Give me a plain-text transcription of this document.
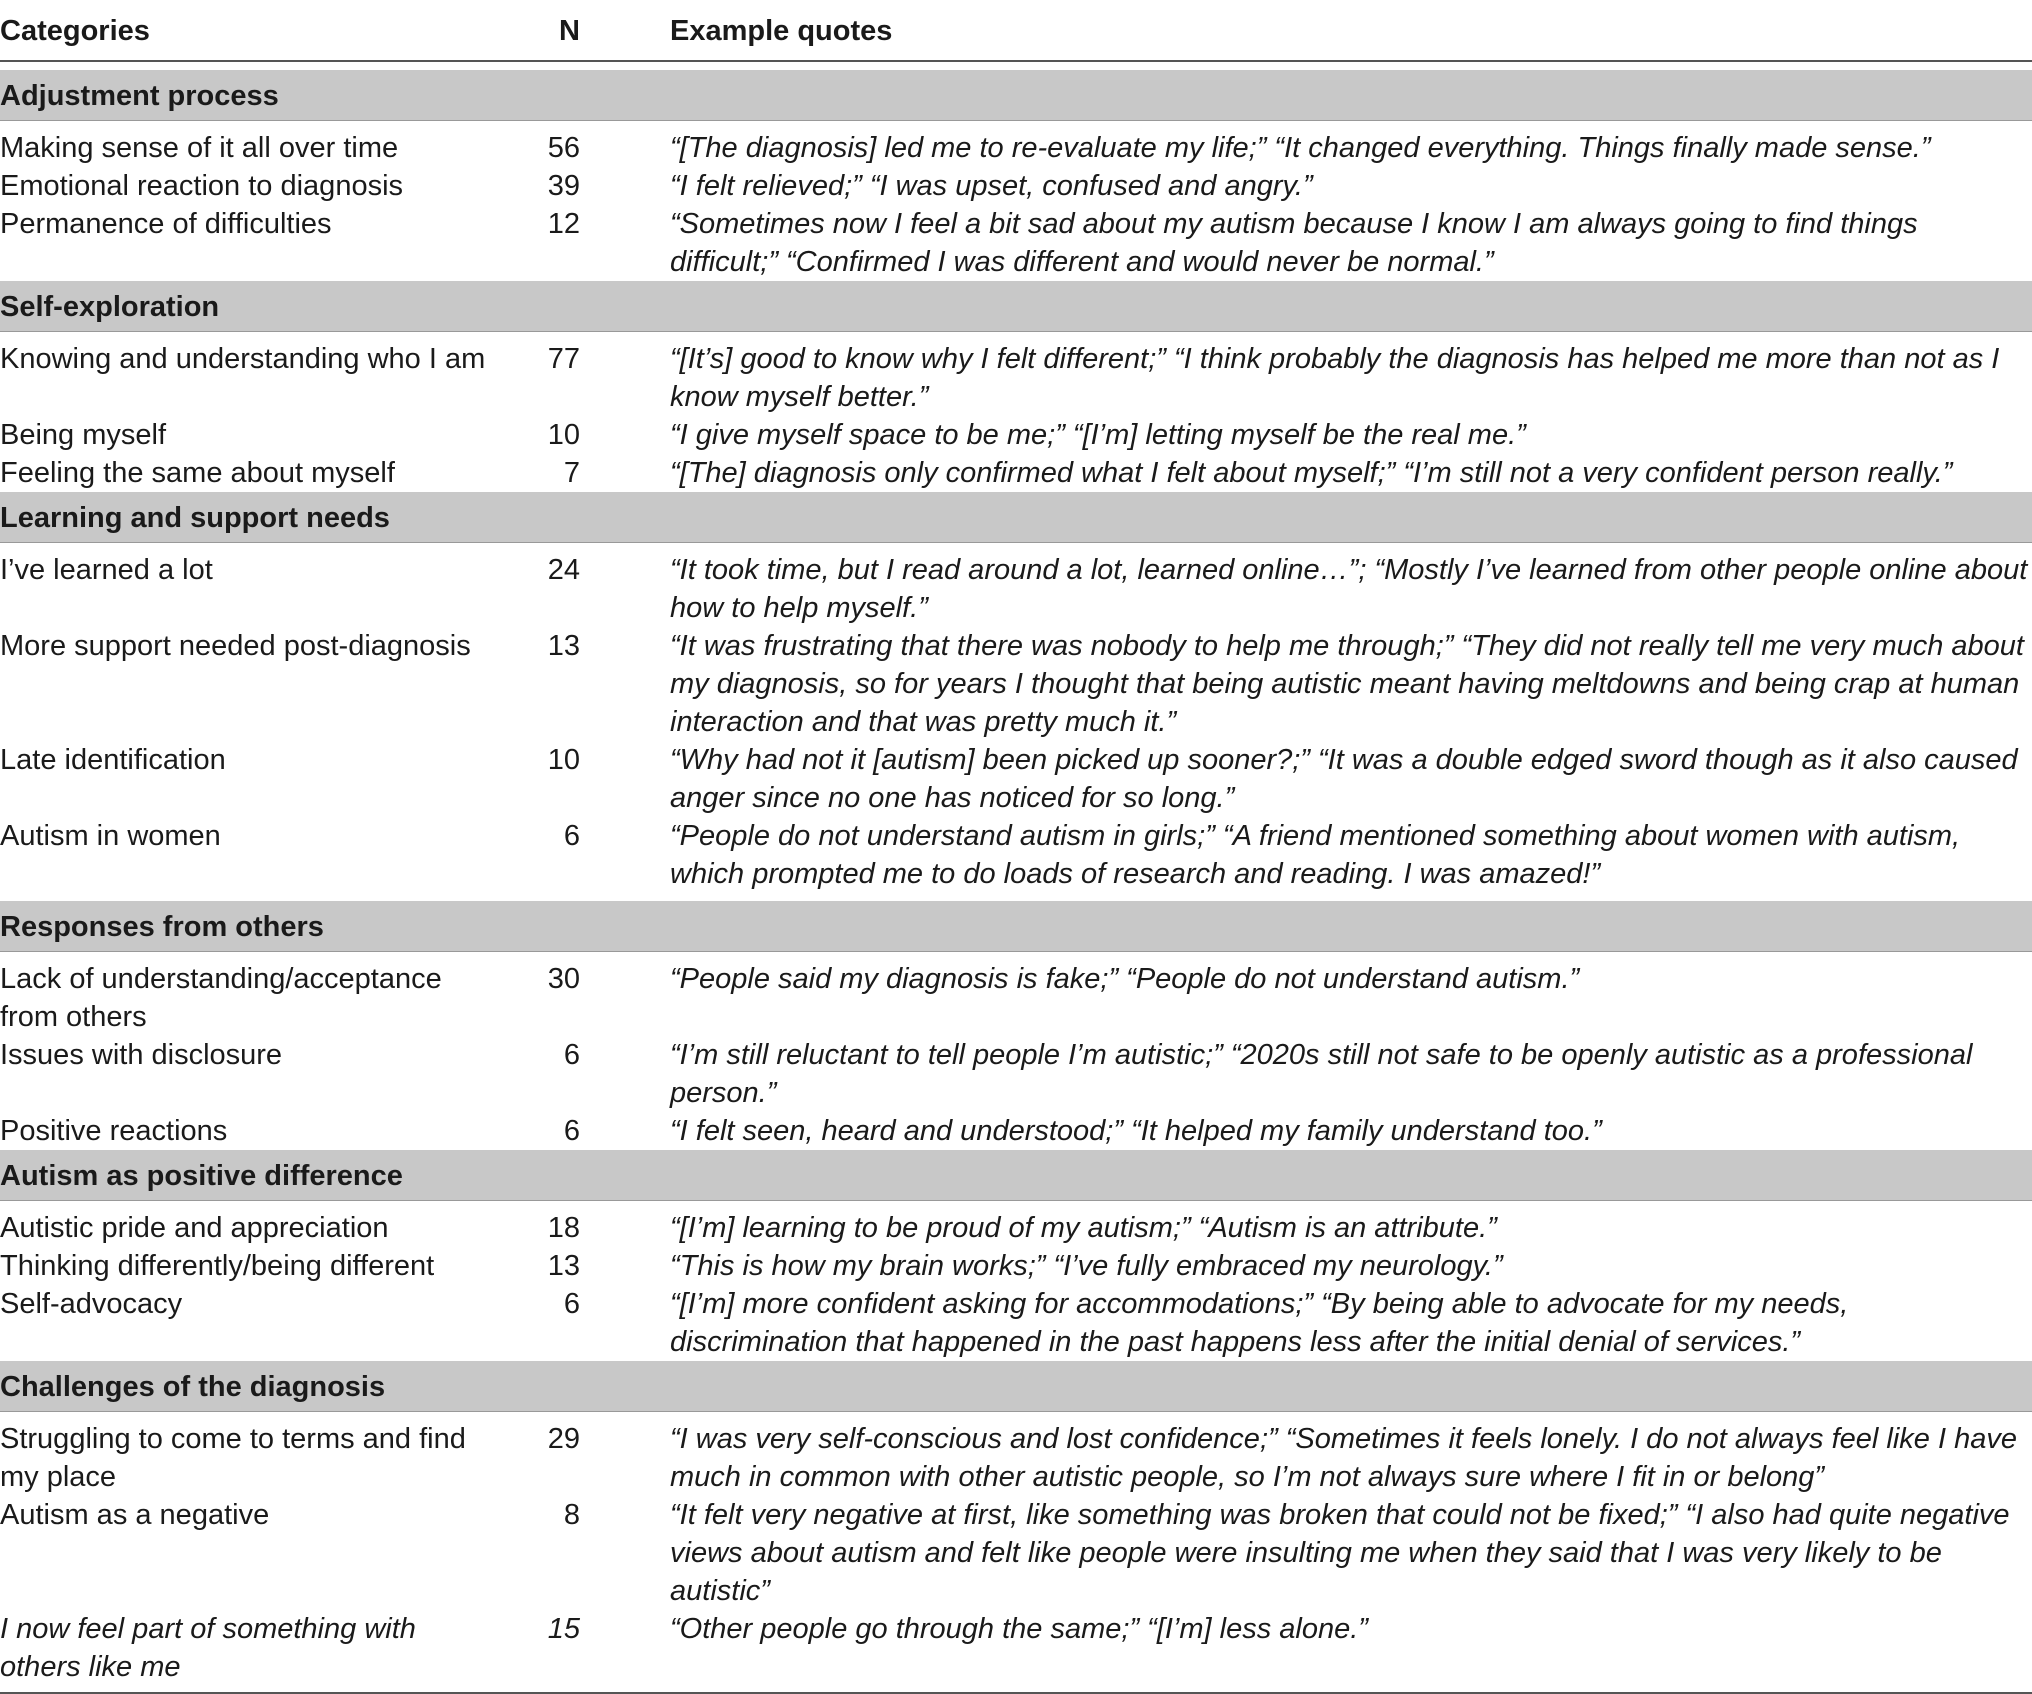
Categories	N		Example quotes

Adjustment process			

Making sense of it all over time	56		“[The diagnosis] led me to re-evaluate my life;” “It changed everything. Things finally made sense.”
Emotional reaction to diagnosis	39		“I felt relieved;” “I was upset, confused and angry.”
Permanence of difficulties	12		“Sometimes now I feel a bit sad about my autism because I know I am always going to find things difficult;” “Confirmed I was different and would never be normal.”
Self-exploration			

Knowing and understanding who I am	77		“[It’s] good to know why I felt different;” “I think probably the diagnosis has helped me more than not as I know myself better.”
Being myself	10		“I give myself space to be me;” “[I’m] letting myself be the real me.”
Feeling the same about myself	7		“[The] diagnosis only confirmed what I felt about myself;” “I’m still not a very confident person really.”
Learning and support needs			

I’ve learned a lot	24		“It took time, but I read around a lot, learned online…”; “Mostly I’ve learned from other people online about how to help myself.”
More support needed post-diagnosis	13		“It was frustrating that there was nobody to help me through;” “They did not really tell me very much about my diagnosis, so for years I thought that being autistic meant having meltdowns and being crap at human interaction and that was pretty much it.”
Late identification	10		“Why had not it [autism] been picked up sooner?;” “It was a double edged sword though as it also caused anger since no one has noticed for so long.”
Autism in women	6		“People do not understand autism in girls;” “A friend mentioned something about women with autism, which prompted me to do loads of research and reading. I was amazed!”

Responses from others			

Lack of understanding/acceptance from others	30		“People said my diagnosis is fake;” “People do not understand autism.”
Issues with disclosure	6		“I’m still reluctant to tell people I’m autistic;” “2020s still not safe to be openly autistic as a professional person.”
Positive reactions	6		“I felt seen, heard and understood;” “It helped my family understand too.”
Autism as positive difference			

Autistic pride and appreciation	18		“[I’m] learning to be proud of my autism;” “Autism is an attribute.”
Thinking differently/being different	13		“This is how my brain works;” “I’ve fully embraced my neurology.”
Self-advocacy	6		“[I’m] more confident asking for accommodations;” “By being able to advocate for my needs, discrimination that happened in the past happens less after the initial denial of services.”
Challenges of the diagnosis			

Struggling to come to terms and find my place	29		“I was very self-conscious and lost confidence;” “Sometimes it feels lonely. I do not always feel like I have much in common with other autistic people, so I’m not always sure where I fit in or belong”
Autism as a negative	8		“It felt very negative at first, like something was broken that could not be fixed;” “I also had quite negative views about autism and felt like people were insulting me when they said that I was very likely to be autistic”
I now feel part of something with others like me	15		“Other people go through the same;” “[I’m] less alone.”
